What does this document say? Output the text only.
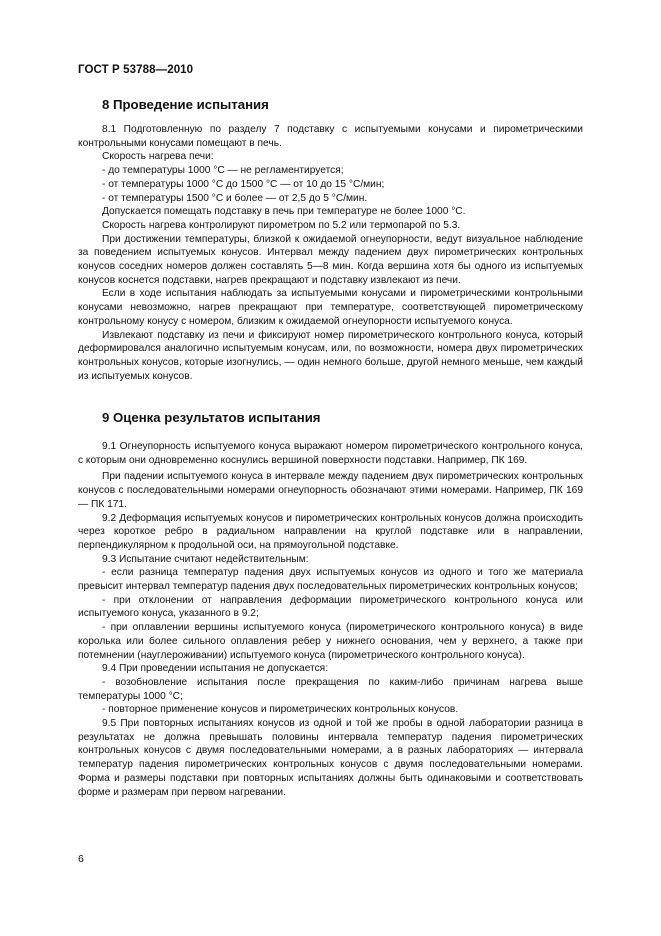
ГОСТ Р 53788—2010
8 Проведение испытания

8.1 Подготовленную по разделу 7 подставку с испытуемыми конусами и пирометрическими контрольными конусами помещают в печь.

Скорость нагрева печи:

- до температуры 1000 °С — не регламентируется;

- от температуры 1000 °С до 1500 °С — от 10 до 15 °С/мин;

- от температуры 1500 °С и более — от 2,5 до 5 °С/мин.

Допускается помещать подставку в печь при температуре не более 1000 °С.

Скорость нагрева контролируют пирометром по 5.2 или термопарой по 5.3.

При достижении температуры, близкой к ожидаемой огнеупорности, ведут визуальное наблюдение за поведением испытуемых конусов. Интервал между падением двух пирометрических контрольных конусов соседних номеров должен составлять 5—8 мин. Когда вершина хотя бы одного из испытуемых конусов коснется подставки, нагрев прекращают и подставку извлекают из печи.

Если в ходе испытания наблюдать за испытуемыми конусами и пирометрическими контрольными конусами невозможно, нагрев прекращают при температуре, соответствующей пирометрическому контрольному конусу с номером, близким к ожидаемой огнеупорности испытуемого конуса.

Извлекают подставку из печи и фиксируют номер пирометрического контрольного конуса, который деформировался аналогично испытуемым конусам, или, по возможности, номера двух пирометрических контрольных конусов, которые изогнулись, — один немного больше, другой немного меньше, чем каждый из испытуемых конусов.

9 Оценка результатов испытания

9.1 Огнеупорность испытуемого конуса выражают номером пирометрического контрольного конуса, с которым они одновременно коснулись вершиной поверхности подставки. Например, ПК 169.

При падении испытуемого конуса в интервале между падением двух пирометрических контрольных конусов с последовательными номерами огнеупорность обозначают этими номерами. Например, ПК 169 — ПК 171.

9.2 Деформация испытуемых конусов и пирометрических контрольных конусов должна происходить через короткое ребро в радиальном направлении на круглой подставке или в направлении, перпендикулярном к продольной оси, на прямоугольной подставке.

9.3 Испытание считают недействительным:

- если разница температур падения двух испытуемых конусов из одного и того же материала превысит интервал температур падения двух последовательных пирометрических контрольных конусов;

- при отклонении от направления деформации пирометрического контрольного конуса или испытуемого конуса, указанного в 9.2;

- при оплавлении вершины испытуемого конуса (пирометрического контрольного конуса) в виде королька или более сильного оплавления ребер у нижнего основания, чем у верхнего, а также при потемнении (науглероживании) испытуемого конуса (пирометрического контрольного конуса).

9.4 При проведении испытания не допускается:

- возобновление испытания после прекращения по каким-либо причинам нагрева выше температуры 1000 °С;

- повторное применение конусов и пирометрических контрольных конусов.

9.5 При повторных испытаниях конусов из одной и той же пробы в одной лаборатории разница в результатах не должна превышать половины интервала температур падения пирометрических контрольных конусов с двумя последовательными номерами, а в разных лабораториях — интервала температур падения пирометрических контрольных конусов с двумя последовательными номерами. Форма и размеры подставки при повторных испытаниях должны быть одинаковыми и соответствовать форме и размерам при первом нагревании.

6
